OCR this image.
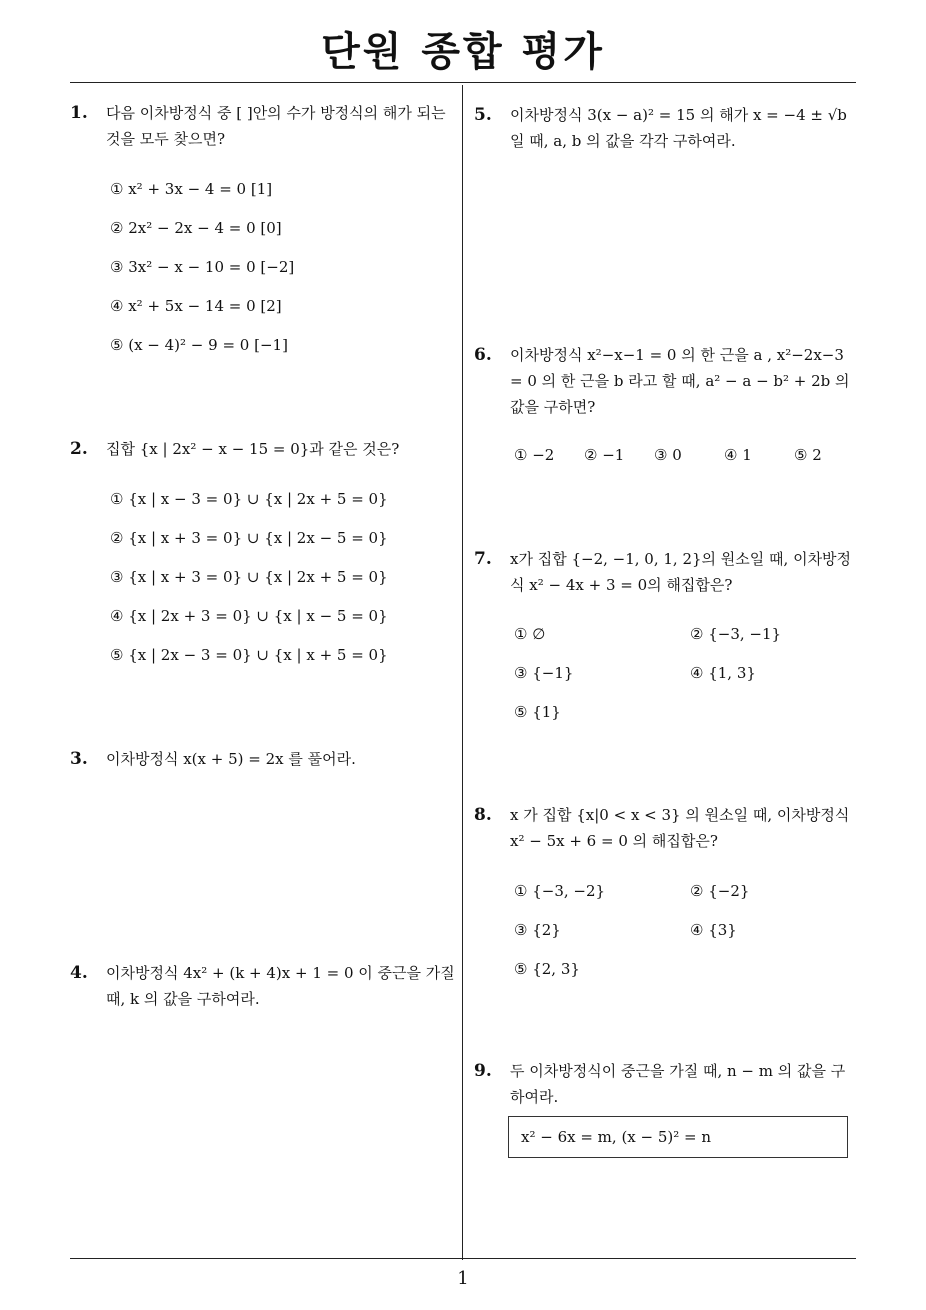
단원 종합 평가
1. 다음 이차방정식 중 [ ]안의 수가 방정식의 해가 되는 것을 모두 찾으면?
① x² + 3x − 4 = 0 [1]
② 2x² − 2x − 4 = 0 [0]
③ 3x² − x − 10 = 0 [−2]
④ x² + 5x − 14 = 0 [2]
⑤ (x − 4)² − 9 = 0 [−1]
2. 집합 {x | 2x² − x − 15 = 0}과 같은 것은?
① {x | x − 3 = 0} ∪ {x | 2x + 5 = 0}
② {x | x + 3 = 0} ∪ {x | 2x − 5 = 0}
③ {x | x + 3 = 0} ∪ {x | 2x + 5 = 0}
④ {x | 2x + 3 = 0} ∪ {x | x − 5 = 0}
⑤ {x | 2x − 3 = 0} ∪ {x | x + 5 = 0}
3. 이차방정식 x(x + 5) = 2x 를 풀어라.
4. 이차방정식 4x² + (k + 4)x + 1 = 0 이 중근을 가질 때, k 의 값을 구하여라.
5. 이차방정식 3(x − a)² = 15 의 해가 x = −4 ± √b 일 때, a, b 의 값을 각각 구하여라.
6. 이차방정식 x²−x−1 = 0 의 한 근을 a , x²−2x−3 = 0 의 한 근을 b 라고 할 때, a² − a − b² + 2b 의 값을 구하면?
① −2 ② −1 ③ 0	④ 1	⑤ 2
7. x가 집합 {−2, −1, 0, 1, 2}의 원소일 때, 이차방정식 x² − 4x + 3 = 0의 해집합은?
① ∅	② {−3, −1}
③ {−1}	④ {1, 3}
⑤ {1}
8. x 가 집합 {x|0 < x < 3} 의 원소일 때, 이차방정식 x² − 5x + 6 = 0 의 해집합은?
① {−3, −2}	② {−2}
③ {2}	④ {3}
⑤ {2, 3}
9. 두 이차방정식이 중근을 가질 때, n − m 의 값을 구하여라.
x² − 6x = m, (x − 5)² = n
1
